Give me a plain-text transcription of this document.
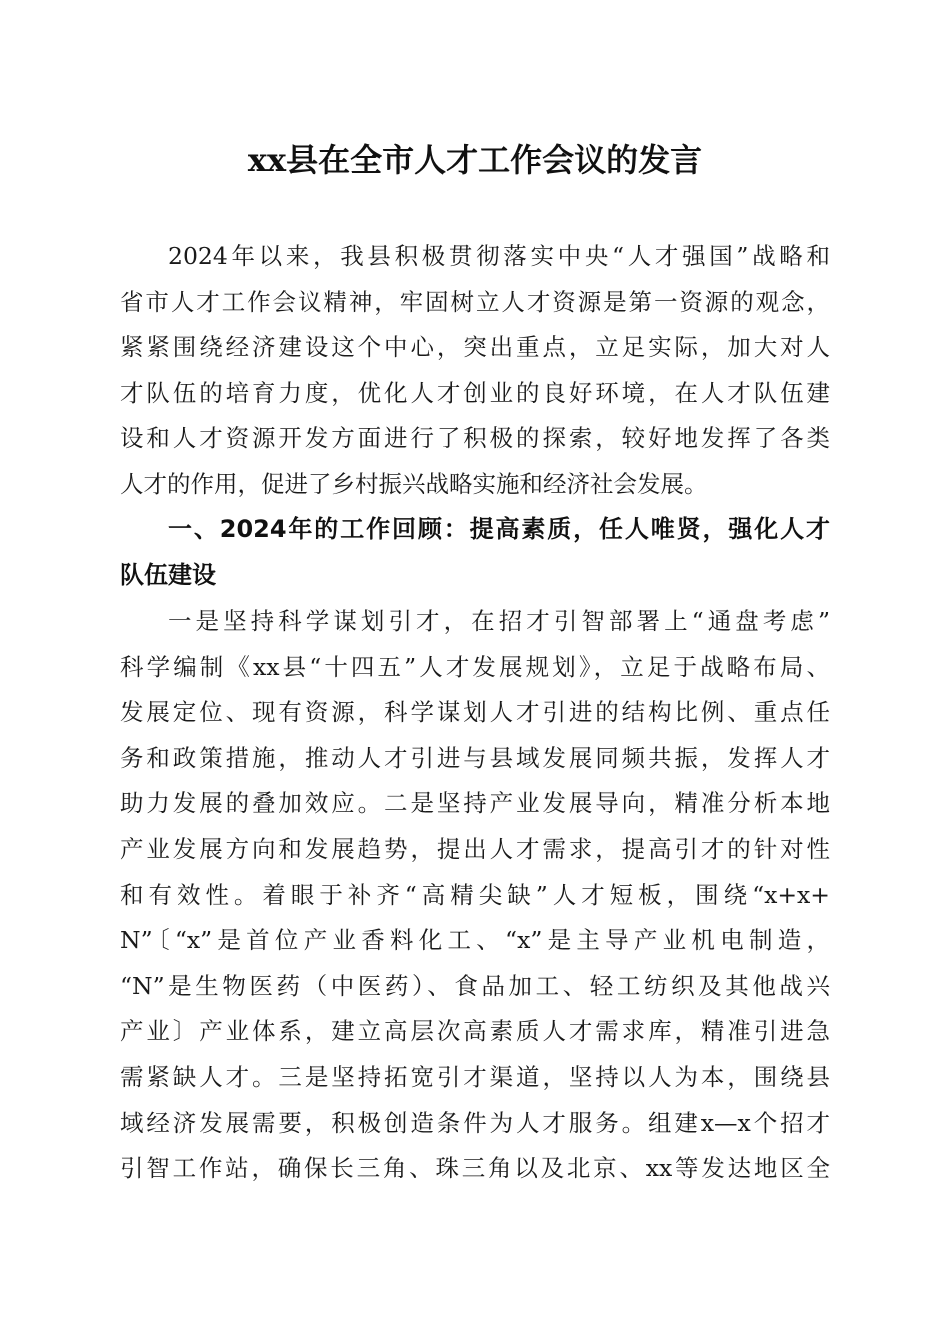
xx县在全市人才工作会议的发言
2024年以来，我县积极贯彻落实中央“人才强国”战略和
省市人才工作会议精神，牢固树立人才资源是第一资源的观念，
紧紧围绕经济建设这个中心，突出重点，立足实际，加大对人
才队伍的培育力度，优化人才创业的良好环境，在人才队伍建
设和人才资源开发方面进行了积极的探索，较好地发挥了各类
人才的作用，促进了乡村振兴战略实施和经济社会发展。
一、2024年的工作回顾：提高素质，任人唯贤，强化人才
队伍建设
一是坚持科学谋划引才，在招才引智部署上“通盘考虑”
科学编制《xx县“十四五”人才发展规划》，立足于战略布局、
发展定位、现有资源，科学谋划人才引进的结构比例、重点任
务和政策措施，推动人才引进与县域发展同频共振，发挥人才
助力发展的叠加效应。二是坚持产业发展导向，精准分析本地
产业发展方向和发展趋势，提出人才需求，提高引才的针对性
和有效性。着眼于补齐“高精尖缺”人才短板，围绕“x+x+
N”〔“x”是首位产业香料化工、“x”是主导产业机电制造，
“N”是生物医药（中医药）、食品加工、轻工纺织及其他战兴
产业〕产业体系，建立高层次高素质人才需求库，精准引进急
需紧缺人才。三是坚持拓宽引才渠道，坚持以人为本，围绕县
域经济发展需要，积极创造条件为人才服务。组建x—x个招才
引智工作站，确保长三角、珠三角以及北京、xx等发达地区全
